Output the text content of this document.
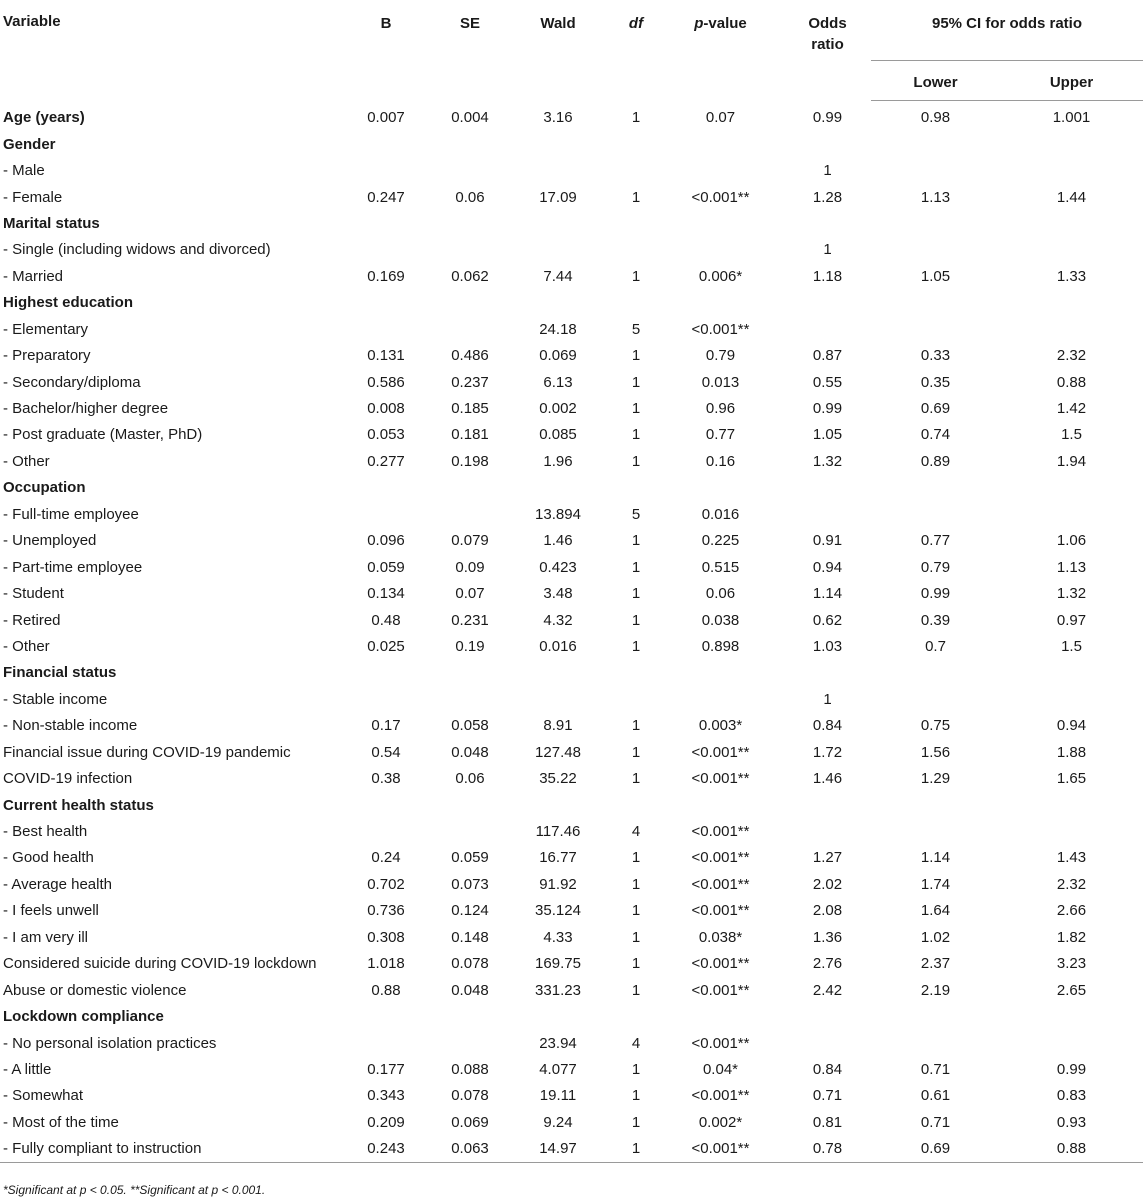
Variable	B	SE	Wald	df	p-value	Odds ratio	95% CI for odds ratio	
							Lower	Upper
Age (years)	0.007	0.004	3.16	1	0.07	0.99	0.98	1.001
Gender								
- Male						1		
- Female	0.247	0.06	17.09	1	<0.001**	1.28	1.13	1.44
Marital status								
- Single (including widows and divorced)						1		
- Married	0.169	0.062	7.44	1	0.006*	1.18	1.05	1.33
Highest education								
- Elementary			24.18	5	<0.001**			
- Preparatory	0.131	0.486	0.069	1	0.79	0.87	0.33	2.32
- Secondary/diploma	0.586	0.237	6.13	1	0.013	0.55	0.35	0.88
- Bachelor/higher degree	0.008	0.185	0.002	1	0.96	0.99	0.69	1.42
- Post graduate (Master, PhD)	0.053	0.181	0.085	1	0.77	1.05	0.74	1.5
- Other	0.277	0.198	1.96	1	0.16	1.32	0.89	1.94
Occupation								
- Full-time employee			13.894	5	0.016			
- Unemployed	0.096	0.079	1.46	1	0.225	0.91	0.77	1.06
- Part-time employee	0.059	0.09	0.423	1	0.515	0.94	0.79	1.13
- Student	0.134	0.07	3.48	1	0.06	1.14	0.99	1.32
- Retired	0.48	0.231	4.32	1	0.038	0.62	0.39	0.97
- Other	0.025	0.19	0.016	1	0.898	1.03	0.7	1.5
Financial status								
- Stable income						1		
- Non-stable income	0.17	0.058	8.91	1	0.003*	0.84	0.75	0.94
Financial issue during COVID-19 pandemic	0.54	0.048	127.48	1	<0.001**	1.72	1.56	1.88
COVID-19 infection	0.38	0.06	35.22	1	<0.001**	1.46	1.29	1.65
Current health status								
- Best health			117.46	4	<0.001**			
- Good health	0.24	0.059	16.77	1	<0.001**	1.27	1.14	1.43
- Average health	0.702	0.073	91.92	1	<0.001**	2.02	1.74	2.32
- I feels unwell	0.736	0.124	35.124	1	<0.001**	2.08	1.64	2.66
- I am very ill	0.308	0.148	4.33	1	0.038*	1.36	1.02	1.82
Considered suicide during COVID-19 lockdown	1.018	0.078	169.75	1	<0.001**	2.76	2.37	3.23
Abuse or domestic violence	0.88	0.048	331.23	1	<0.001**	2.42	2.19	2.65
Lockdown compliance								
- No personal isolation practices			23.94	4	<0.001**			
- A little	0.177	0.088	4.077	1	0.04*	0.84	0.71	0.99
- Somewhat	0.343	0.078	19.11	1	<0.001**	0.71	0.61	0.83
- Most of the time	0.209	0.069	9.24	1	0.002*	0.81	0.71	0.93
- Fully compliant to instruction	0.243	0.063	14.97	1	<0.001**	0.78	0.69	0.88
*Significant at p < 0.05. **Significant at p < 0.001.
